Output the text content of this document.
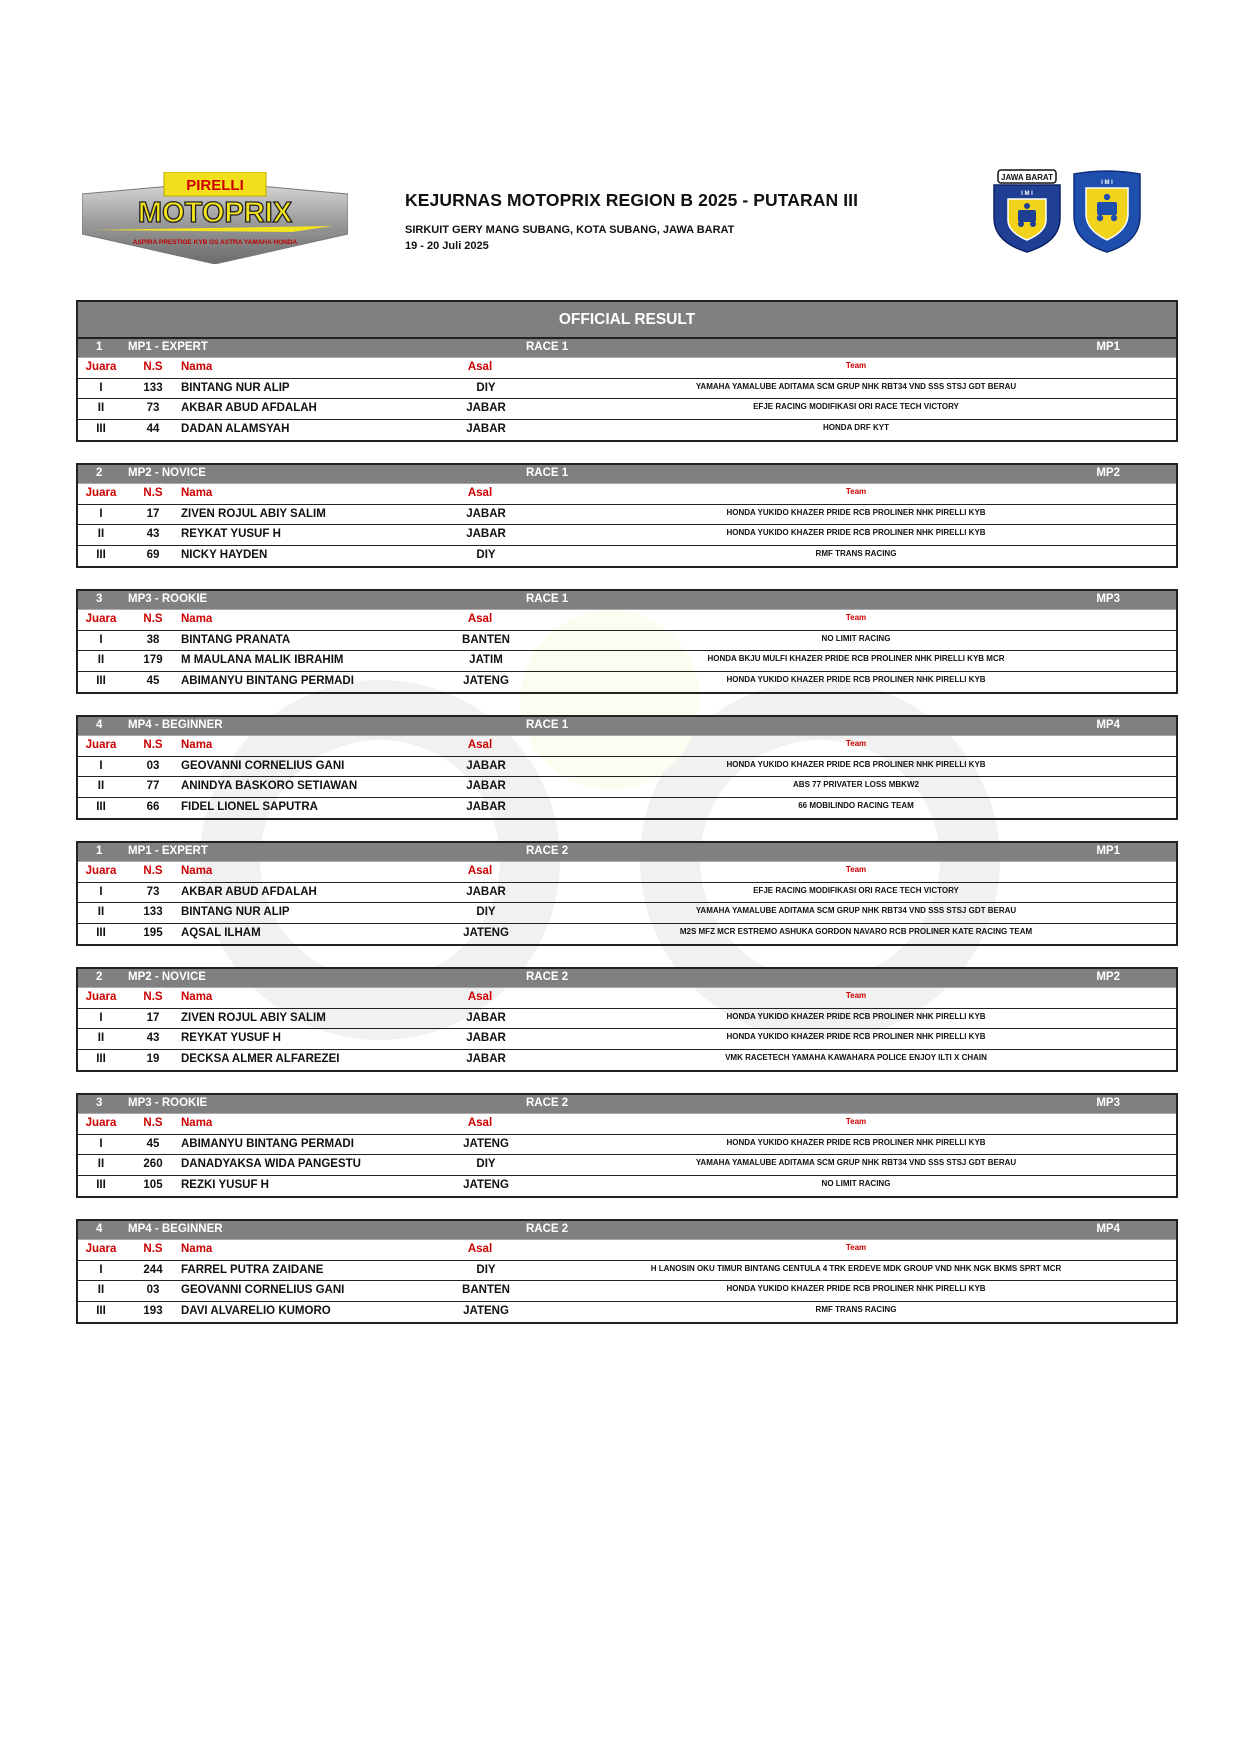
PIRELLI
MOTOPRIX
ASPIRA PRESTIGE KYB GS ASTRA YAMAHA HONDA
KEJURNAS MOTOPRIX REGION B 2025 - PUTARAN III
SIRKUIT GERY MANG SUBANG, KOTA SUBANG, JAWA BARAT
19 - 20 Juli 2025
JAWA BARAT
I M I
I M I
OFFICIAL RESULT
1 MP1 - EXPERT	RACE 1	MP1
Juara	N.S	Nama	Asal	Team
I	133	BINTANG NUR ALIP	DIY	YAMAHA YAMALUBE ADITAMA SCM GRUP NHK RBT34 VND SSS STSJ GDT BERAU
II	73	AKBAR ABUD AFDALAH	JABAR	EFJE RACING MODIFIKASI ORI RACE TECH VICTORY
III	44	DADAN ALAMSYAH	JABAR	HONDA DRF KYT
2 MP2 - NOVICE	RACE 1	MP2
Juara	N.S	Nama	Asal	Team
I	17	ZIVEN ROJUL ABIY SALIM	JABAR	HONDA YUKIDO KHAZER PRIDE RCB PROLINER NHK PIRELLI KYB
II	43	REYKAT YUSUF H	JABAR	HONDA YUKIDO KHAZER PRIDE RCB PROLINER NHK PIRELLI KYB
III	69	NICKY HAYDEN	DIY	RMF TRANS RACING
3 MP3 - ROOKIE	RACE 1	MP3
Juara	N.S	Nama	Asal	Team
I	38	BINTANG PRANATA	BANTEN	NO LIMIT RACING
II	179	M MAULANA MALIK IBRAHIM	JATIM	HONDA BKJU MULFI KHAZER PRIDE RCB PROLINER NHK PIRELLI KYB MCR
III	45	ABIMANYU BINTANG PERMADI	JATENG	HONDA YUKIDO KHAZER PRIDE RCB PROLINER NHK PIRELLI KYB
4 MP4 - BEGINNER	RACE 1	MP4
Juara	N.S	Nama	Asal	Team
I	03	GEOVANNI CORNELIUS GANI	JABAR	HONDA YUKIDO KHAZER PRIDE RCB PROLINER NHK PIRELLI KYB
II	77	ANINDYA BASKORO SETIAWAN	JABAR	ABS 77 PRIVATER LOSS MBKW2
III	66	FIDEL LIONEL SAPUTRA	JABAR	66 MOBILINDO RACING TEAM
1 MP1 - EXPERT	RACE 2	MP1
Juara	N.S	Nama	Asal	Team
I	73	AKBAR ABUD AFDALAH	JABAR	EFJE RACING MODIFIKASI ORI RACE TECH VICTORY
II	133	BINTANG NUR ALIP	DIY	YAMAHA YAMALUBE ADITAMA SCM GRUP NHK RBT34 VND SSS STSJ GDT BERAU
III	195	AQSAL ILHAM	JATENG	M2S MFZ MCR ESTREMO ASHUKA GORDON NAVARO RCB PROLINER KATE RACING TEAM
2 MP2 - NOVICE	RACE 2	MP2
Juara	N.S	Nama	Asal	Team
I	17	ZIVEN ROJUL ABIY SALIM	JABAR	HONDA YUKIDO KHAZER PRIDE RCB PROLINER NHK PIRELLI KYB
II	43	REYKAT YUSUF H	JABAR	HONDA YUKIDO KHAZER PRIDE RCB PROLINER NHK PIRELLI KYB
III	19	DECKSA ALMER ALFAREZEI	JABAR	VMK RACETECH YAMAHA KAWAHARA POLICE ENJOY ILTI X CHAIN
3 MP3 - ROOKIE	RACE 2	MP3
Juara	N.S	Nama	Asal	Team
I	45	ABIMANYU BINTANG PERMADI	JATENG	HONDA YUKIDO KHAZER PRIDE RCB PROLINER NHK PIRELLI KYB
II	260	DANADYAKSA WIDA PANGESTU	DIY	YAMAHA YAMALUBE ADITAMA SCM GRUP NHK RBT34 VND SSS STSJ GDT BERAU
III	105	REZKI YUSUF H	JATENG	NO LIMIT RACING
4 MP4 - BEGINNER	RACE 2	MP4
Juara	N.S	Nama	Asal	Team
I	244	FARREL PUTRA ZAIDANE	DIY	H LANOSIN OKU TIMUR BINTANG CENTULA 4 TRK ERDEVE MDK GROUP VND NHK NGK BKMS SPRT MCR
II	03	GEOVANNI CORNELIUS GANI	BANTEN	HONDA YUKIDO KHAZER PRIDE RCB PROLINER NHK PIRELLI KYB
III	193	DAVI ALVARELIO KUMORO	JATENG	RMF TRANS RACING
